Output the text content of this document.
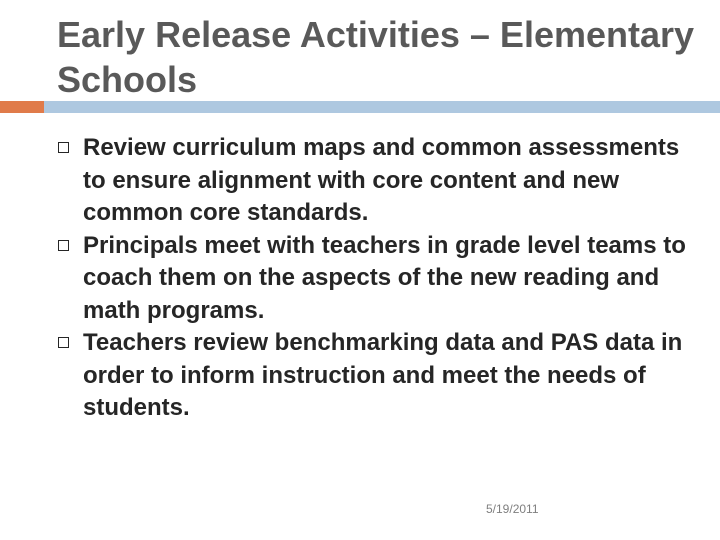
Early Release Activities – Elementary Schools
Review curriculum maps and common assessments to ensure alignment with core content and new common core standards.
Principals meet with teachers in grade level teams to coach them on the aspects of the new reading and math programs.
Teachers review benchmarking data and PAS data in order to inform instruction and meet the needs of students.
5/19/2011
